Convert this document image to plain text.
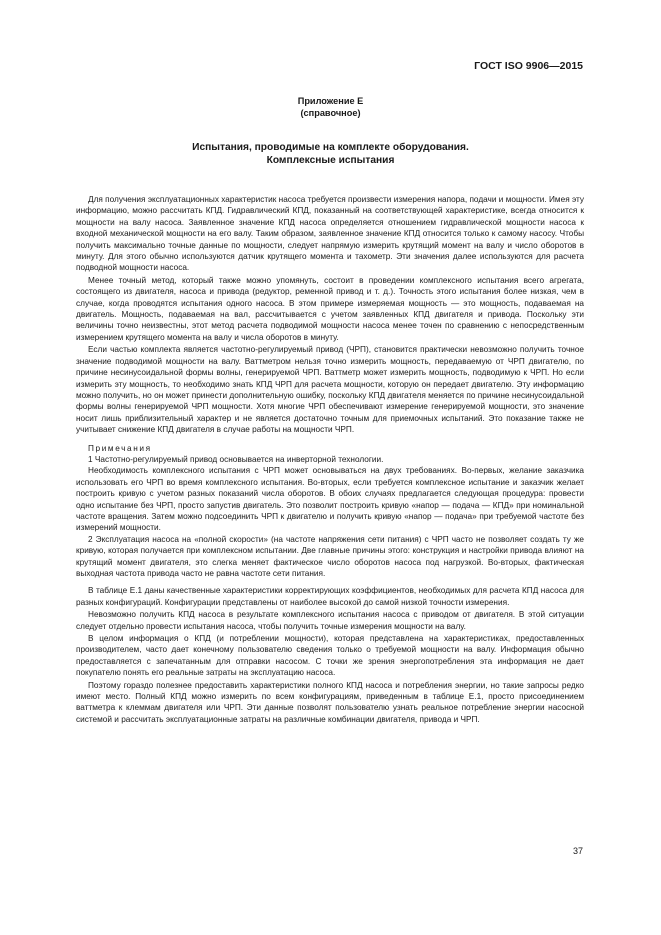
ГОСТ ISO 9906—2015
Приложение Е
(справочное)
Испытания, проводимые на комплекте оборудования.
Комплексные испытания

Для получения эксплуатационных характеристик насоса требуется произвести измерения напора, подачи и мощности. Имея эту информацию, можно рассчитать КПД. Гидравлический КПД, показанный на соответствующей характеристике, всегда относится к мощности на валу насоса. Заявленное значение КПД насоса определяется отношением гидравлической мощности насоса к входной механической мощности на его валу. Таким образом, заявленное значение КПД относится только к самому насосу. Чтобы получить максимально точные данные по мощности, следует напрямую измерить крутящий момент на валу и число оборотов в минуту. Для этого обычно используются датчик крутящего момента и тахометр. Эти значения далее используются для расчета подводной мощности насоса.

Менее точный метод, который также можно упомянуть, состоит в проведении комплексного испытания всего агрегата, состоящего из двигателя, насоса и привода (редуктор, ременной привод и т. д.). Точность этого испытания более низкая, чем в случае, когда проводятся испытания одного насоса. В этом примере измеряемая мощность — это мощность, подаваемая на двигатель. Мощность, подаваемая на вал, рассчитывается с учетом заявленных КПД двигателя и привода. Поскольку эти величины точно неизвестны, этот метод расчета подводимой мощности насоса менее точен по сравнению с непосредственным измерением крутящего момента на валу и числа оборотов в минуту.

Если частью комплекта является частотно-регулируемый привод (ЧРП), становится практически невозможно получить точное значение подводимой мощности на валу. Ваттметром нельзя точно измерить мощность, передаваемую от ЧРП двигателю, по причине несинусоидальной формы волны, генерируемой ЧРП. Ваттметр может измерить мощность, подводимую к ЧРП. Но если измерить эту мощность, то необходимо знать КПД ЧРП для расчета мощности, которую он передает двигателю. Эту информацию можно получить, но он может принести дополнительную ошибку, поскольку КПД двигателя меняется по причине несинусоидальной формы волны генерируемой ЧРП мощности. Хотя многие ЧРП обеспечивают измерение генерируемой мощности, это значение носит лишь приблизительный характер и не является достаточно точным для приемочных испытаний. Это показание также не учитывает снижение КПД двигателя в случае работы на мощности ЧРП.

Примечания

1 Частотно-регулируемый привод основывается на инверторной технологии.

Необходимость комплексного испытания с ЧРП может основываться на двух требованиях. Во-первых, желание заказчика использовать его ЧРП во время комплексного испытания. Во-вторых, если требуется комплексное испытание и заказчик желает построить кривую с учетом разных показаний числа оборотов. В обоих случаях предлагается следующая процедура: провести одно испытание без ЧРП, просто запустив двигатель. Это позволит построить кривую «напор — подача — КПД» при номинальной частоте вращения. Затем можно подсоединить ЧРП к двигателю и получить кривую «напор — подача» при требуемой частоте без измерений мощности.

2 Эксплуатация насоса на «полной скорости» (на частоте напряжения сети питания) с ЧРП часто не позволяет создать ту же кривую, которая получается при комплексном испытании. Две главные причины этого: конструкция и настройки привода влияют на крутящий момент двигателя, это слегка меняет фактическое число оборотов насоса под нагрузкой. Во-вторых, фактическая выходная частота привода часто не равна частоте сети питания.

В таблице Е.1 даны качественные характеристики корректирующих коэффициентов, необходимых для расчета КПД насоса для разных конфигураций. Конфигурации представлены от наиболее высокой до самой низкой точности измерения.

Невозможно получить КПД насоса в результате комплексного испытания насоса с приводом от двигателя. В этой ситуации следует отдельно провести испытания насоса, чтобы получить точные измерения мощности на валу.

В целом информация о КПД (и потреблении мощности), которая представлена на характеристиках, предоставленных производителем, часто дает конечному пользователю сведения только о требуемой мощности на валу. Информация обычно предоставляется с запечатанным для отправки насосом. С точки же зрения энергопотребления эта информация не дает покупателю понять его реальные затраты на эксплуатацию насоса.

Поэтому гораздо полезнее предоставить характеристики полного КПД насоса и потребления энергии, но такие запросы редко имеют место. Полный КПД можно измерить по всем конфигурациям, приведенным в таблице Е.1, просто присоединением ваттметра к клеммам двигателя или ЧРП. Эти данные позволят пользователю узнать реальное потребление энергии насосной системой и рассчитать эксплуатационные затраты на различные комбинации двигателя, привода и ЧРП.

37
